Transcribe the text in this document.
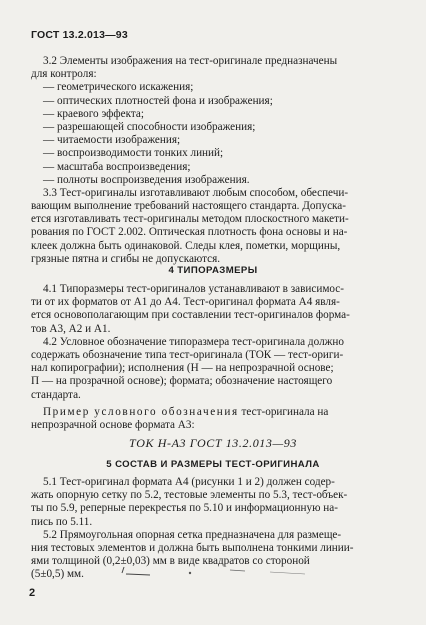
ГОСТ 13.2.013—93
3.2 Элементы изображения на тест-оригинале предназначены
для контроля:
— геометрического искажения;
— оптических плотностей фона и изображения;
— краевого эффекта;
— разрешающей способности изображения;
— читаемости изображения;
— воспроизводимости тонких линий;
— масштаба воспроизведения;
— полноты воспроизведения изображения.
3.3 Тест-оригиналы изготавливают любым способом, обеспечи-
вающим выполнение требований настоящего стандарта. Допуска-
ется изготавливать тест-оригиналы методом плоскостного макети-
рования по ГОСТ 2.002. Оптическая плотность фона основы и на-
клеек должна быть одинаковой. Следы клея, пометки, морщины,
грязные пятна и сгибы не допускаются.
4 ТИПОРАЗМЕРЫ
4.1 Типоразмеры тест-оригиналов устанавливают в зависимос-
ти от их форматов от А1 до А4. Тест-оригинал формата А4 явля-
ется основополагающим при составлении тест-оригиналов форма-
тов А3, А2 и А1.
4.2 Условное обозначение типоразмера тест-оригинала должно
содержать обозначение типа тест-оригинала (ТОК — тест-ориги-
нал копирографии); исполнения (Н — на непрозрачной основе;
П — на прозрачной основе); формата; обозначение настоящего
стандарта.
Пример условного обозначения тест-оригинала на
непрозрачной основе формата А3:
ТОК Н-А3 ГОСТ 13.2.013—93
5 СОСТАВ И РАЗМЕРЫ ТЕСТ-ОРИГИНАЛА
5.1 Тест-оригинал формата А4 (рисунки 1 и 2) должен содер-
жать опорную сетку по 5.2, тестовые элементы по 5.3, тест-объек-
ты по 5.9, реперные перекрестья по 5.10 и информационную на-
пись по 5.11.
5.2 Прямоугольная опорная сетка предназначена для размеще-
ния тестовых элементов и должна быть выполнена тонкими линии-
ями толщиной (0,2±0,03) мм в виде квадратов со стороной
(5±0,5) мм.
2
